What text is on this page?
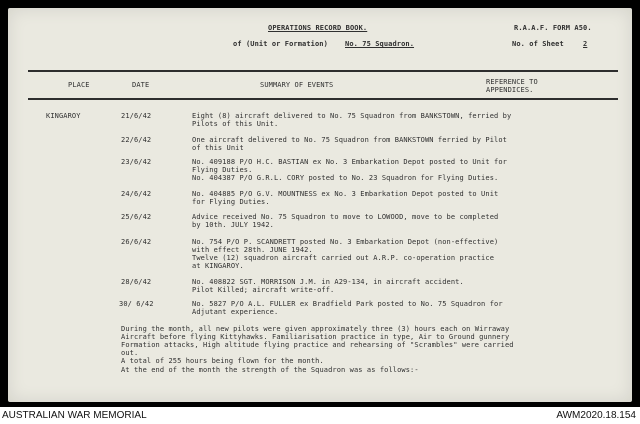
OPERATIONS RECORD BOOK.	R.A.A.F. FORM A50.
of (Unit or Formation) No. 75 Squadron.	No. of Sheet	2
PLACE	DATE	SUMMARY OF EVENTS	REFERENCE TO
APPENDICES.
KINGAROY	21/6/42	Eight (8) aircraft delivered to No. 75 Squadron from BANKSTOWN, ferried by
Pilots of this Unit.
22/6/42	One aircraft delivered to No. 75 Squadron from BANKSTOWN ferried by Pilot
of this Unit
23/6/42	No. 409188 P/O H.C. BASTIAN ex No. 3 Embarkation Depot posted to Unit for
Flying Duties.
No. 404387 P/O G.R.L. CORY posted to No. 23 Squadron for Flying Duties.
24/6/42	No. 404885 P/O G.V. MOUNTNESS ex No. 3 Embarkation Depot posted to Unit
for Flying Duties.
25/6/42	Advice received No. 75 Squadron to move to LOWOOD, move to be completed
by 10th. JULY 1942.
26/6/42	No. 754 P/O P. SCANDRETT posted No. 3 Embarkation Depot (non-effective)
with effect 28th. JUNE 1942.
Twelve (12) squadron aircraft carried out A.R.P. co-operation practice
at KINGAROY.
28/6/42	No. 408822 SGT. MORRISON J.M. in A29-134, in aircraft accident.
Pilot Killed; aircraft write-off.
30/ 6/42	No. 5827 P/O A.L. FULLER ex Bradfield Park posted to No. 75 Squadron for
Adjutant experience.
During the month, all new pilots were given approximately three (3) hours each on Wirraway
Aircraft before flying Kittyhawks. Familiarisation practice in type, Air to Ground gunnery
Formation attacks, High altitude flying practice and rehearsing of "Scrambles" were carried
out.
A total of 255 hours being flown for the month.
At the end of the month the strength of the Squadron was as follows:-
AUSTRALIAN WAR MEMORIAL	AWM2020.18.154
